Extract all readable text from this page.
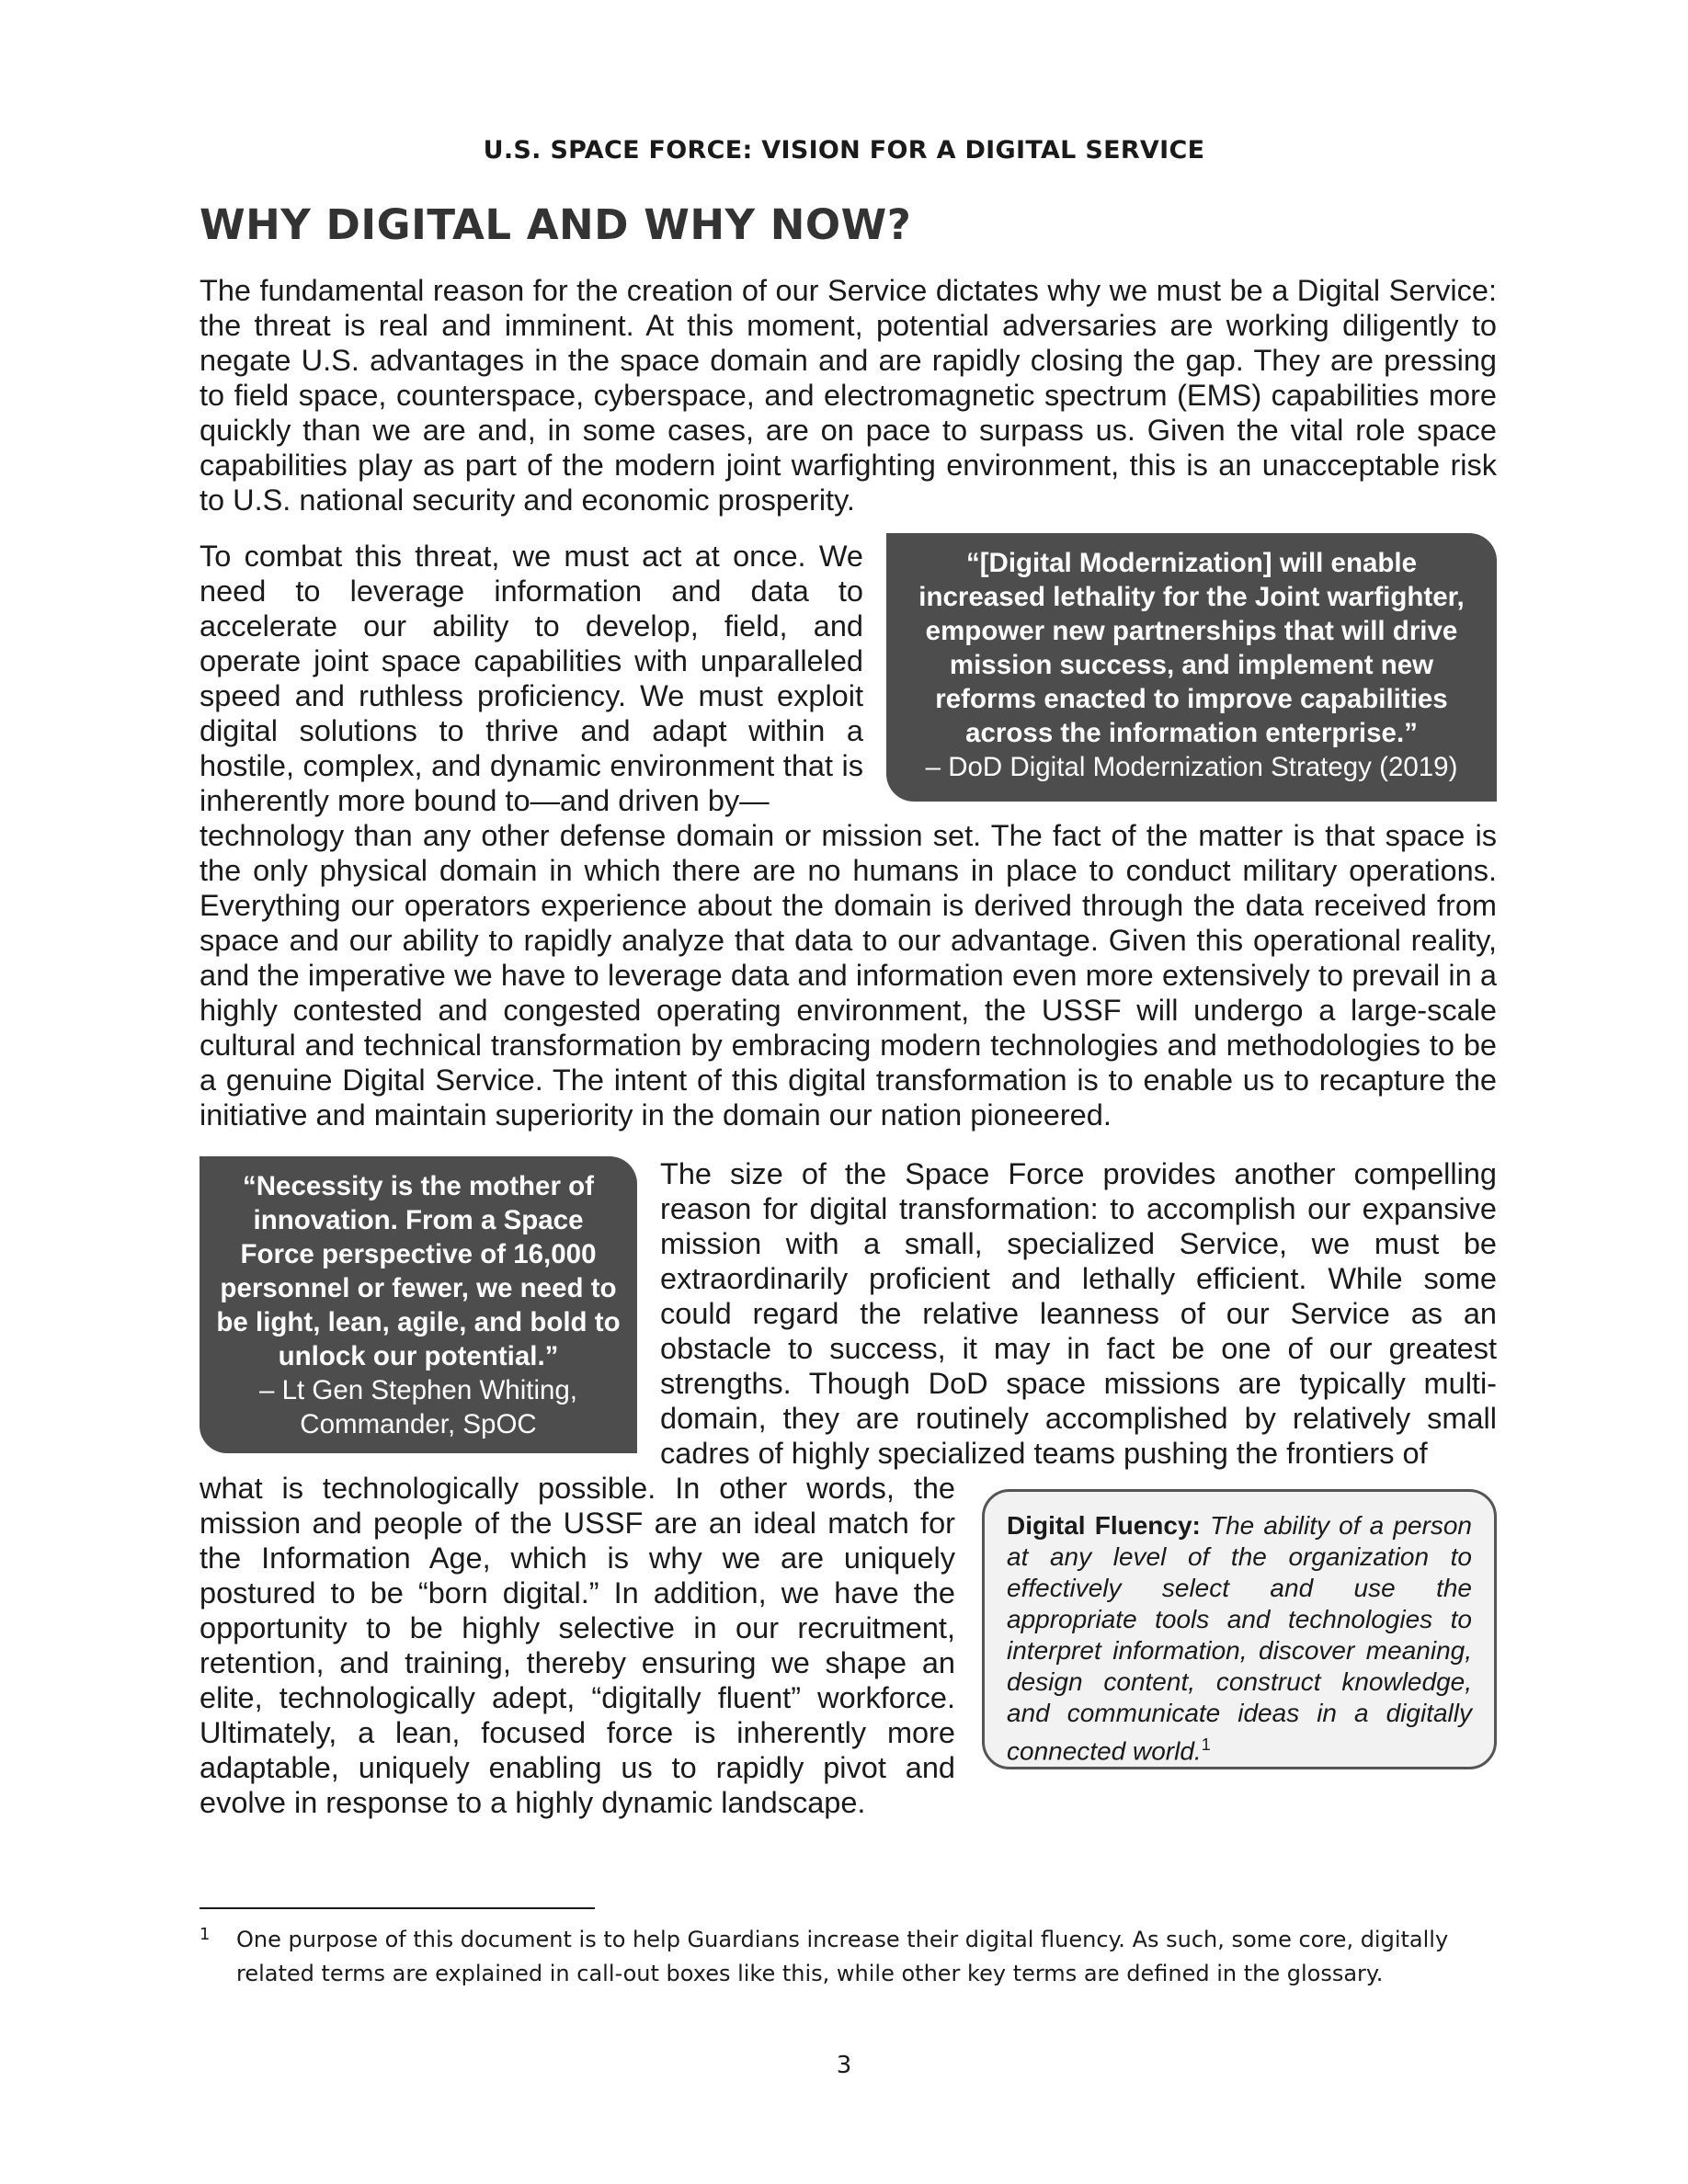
U.S. SPACE FORCE: VISION FOR A DIGITAL SERVICE
WHY DIGITAL AND WHY NOW?

The fundamental reason for the creation of our Service dictates why we must be a Digital Service: the threat is real and imminent. At this moment, potential adversaries are working diligently to negate U.S. advantages in the space domain and are rapidly closing the gap. They are pressing to field space, counterspace, cyberspace, and electromagnetic spectrum (EMS) capabilities more quickly than we are and, in some cases, are on pace to surpass us. Given the vital role space capabilities play as part of the modern joint warfighting environment, this is an unacceptable risk to U.S. national security and economic prosperity.

To combat this threat, we must act at once. We need to leverage information and data to accelerate our ability to develop, field, and operate joint space capabilities with unparalleled speed and ruthless proficiency. We must exploit digital solutions to thrive and adapt within a hostile, complex, and dynamic environment that is inherently more bound to—and driven by—

“[Digital Modernization] will enable increased lethality for the Joint warfighter, empower new partnerships that will drive mission success, and implement new reforms enacted to improve capabilities across the information enterprise.”
– DoD Digital Modernization Strategy (2019)

technology than any other defense domain or mission set. The fact of the matter is that space is the only physical domain in which there are no humans in place to conduct military operations. Everything our operators experience about the domain is derived through the data received from space and our ability to rapidly analyze that data to our advantage. Given this operational reality, and the imperative we have to leverage data and information even more extensively to prevail in a highly contested and congested operating environment, the USSF will undergo a large-scale cultural and technical transformation by embracing modern technologies and methodologies to be a genuine Digital Service. The intent of this digital transformation is to enable us to recapture the initiative and maintain superiority in the domain our nation pioneered.

“Necessity is the mother of innovation. From a Space Force perspective of 16,000 personnel or fewer, we need to be light, lean, agile, and bold to unlock our potential.”
– Lt Gen Stephen Whiting, Commander, SpOC

The size of the Space Force provides another compelling reason for digital transformation: to accomplish our expansive mission with a small, specialized Service, we must be extraordinarily proficient and lethally efficient. While some could regard the relative leanness of our Service as an obstacle to success, it may in fact be one of our greatest strengths. Though DoD space missions are typically multi-domain, they are routinely accomplished by relatively small cadres of highly specialized teams pushing the frontiers of

what is technologically possible. In other words, the mission and people of the USSF are an ideal match for the Information Age, which is why we are uniquely postured to be “born digital.” In addition, we have the opportunity to be highly selective in our recruitment, retention, and training, thereby ensuring we shape an elite, technologically adept, “digitally fluent” workforce. Ultimately, a lean, focused force is inherently more adaptable, uniquely enabling us to rapidly pivot and evolve in response to a highly dynamic landscape.

Digital Fluency: The ability of a person at any level of the organization to effectively select and use the appropriate tools and technologies to interpret information, discover meaning, design content, construct knowledge, and communicate ideas in a digitally connected world.$^1$
1	One purpose of this document is to help Guardians increase their digital fluency. As such, some core, digitally related terms are explained in call-out boxes like this, while other key terms are defined in the glossary.
3
